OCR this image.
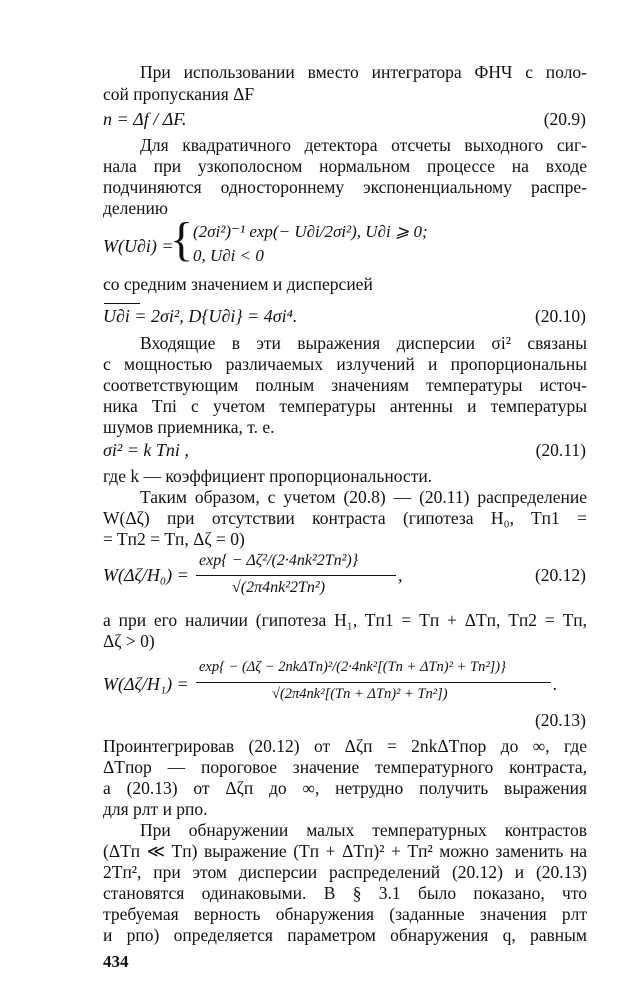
При использовании вместо интегратора ФНЧ с поло-
сой пропускания ΔF
n = Δf / ΔF.	(20.9)
Для квадратичного детектора отсчеты выходного сиг-
нала при узкополосном нормальном процессе на входе
подчиняются одностороннему экспоненциальному распре-
делению
W(U∂i) =
{ (2σi²)⁻¹ exp(− U∂i/2σi²), U∂i ⩾ 0;
0, U∂i < 0
со средним значением и дисперсией
U∂i = 2σi², D{U∂i} = 4σi⁴.	(20.10)
Входящие в эти выражения дисперсии σi² связаны
с мощностью различаемых излучений и пропорциональны
соответствующим полным значениям температуры источ-
ника Tпi с учетом температуры антенны и температуры
шумов приемника, т. е.
σi² = k Tпi ,	(20.11)
где k — коэффициент пропорциональности.
Таким образом, с учетом (20.8) — (20.11) распределение
W(Δζ) при отсутствии контраста (гипотеза H₀, Tп1 =
= Tп2 = Tп, Δζ = 0)
W(Δζ/H₀) =
exp{ − Δζ²/(2·4nk²2Tп²)}
√(2π4nk²2Tп²)
,	(20.12)
а при его наличии (гипотеза H₁, Tп1 = Tп + ΔTп, Tп2 = Tп,
Δζ > 0)
W(Δζ/H₁) =
exp{ − (Δζ − 2nkΔTп)²/(2·4nk²[(Tп + ΔTп)² + Tп²])}
√(2π4nk²[(Tп + ΔTп)² + Tп²])	.
(20.13)
Проинтегрировав (20.12) от Δζп = 2nkΔTпор до ∞, где
ΔTпор — пороговое значение температурного контраста,
а (20.13) от Δζп до ∞, нетрудно получить выражения
для pлт и pпо.
При обнаружении малых температурных контрастов
(ΔTп ≪ Tп) выражение (Tп + ΔTп)² + Tп² можно заменить на
2Tп², при этом дисперсии распределений (20.12) и (20.13)
становятся одинаковыми. В § 3.1 было показано, что
требуемая верность обнаружения (заданные значения pлт
и pпо) определяется параметром обнаружения q, равным
434
